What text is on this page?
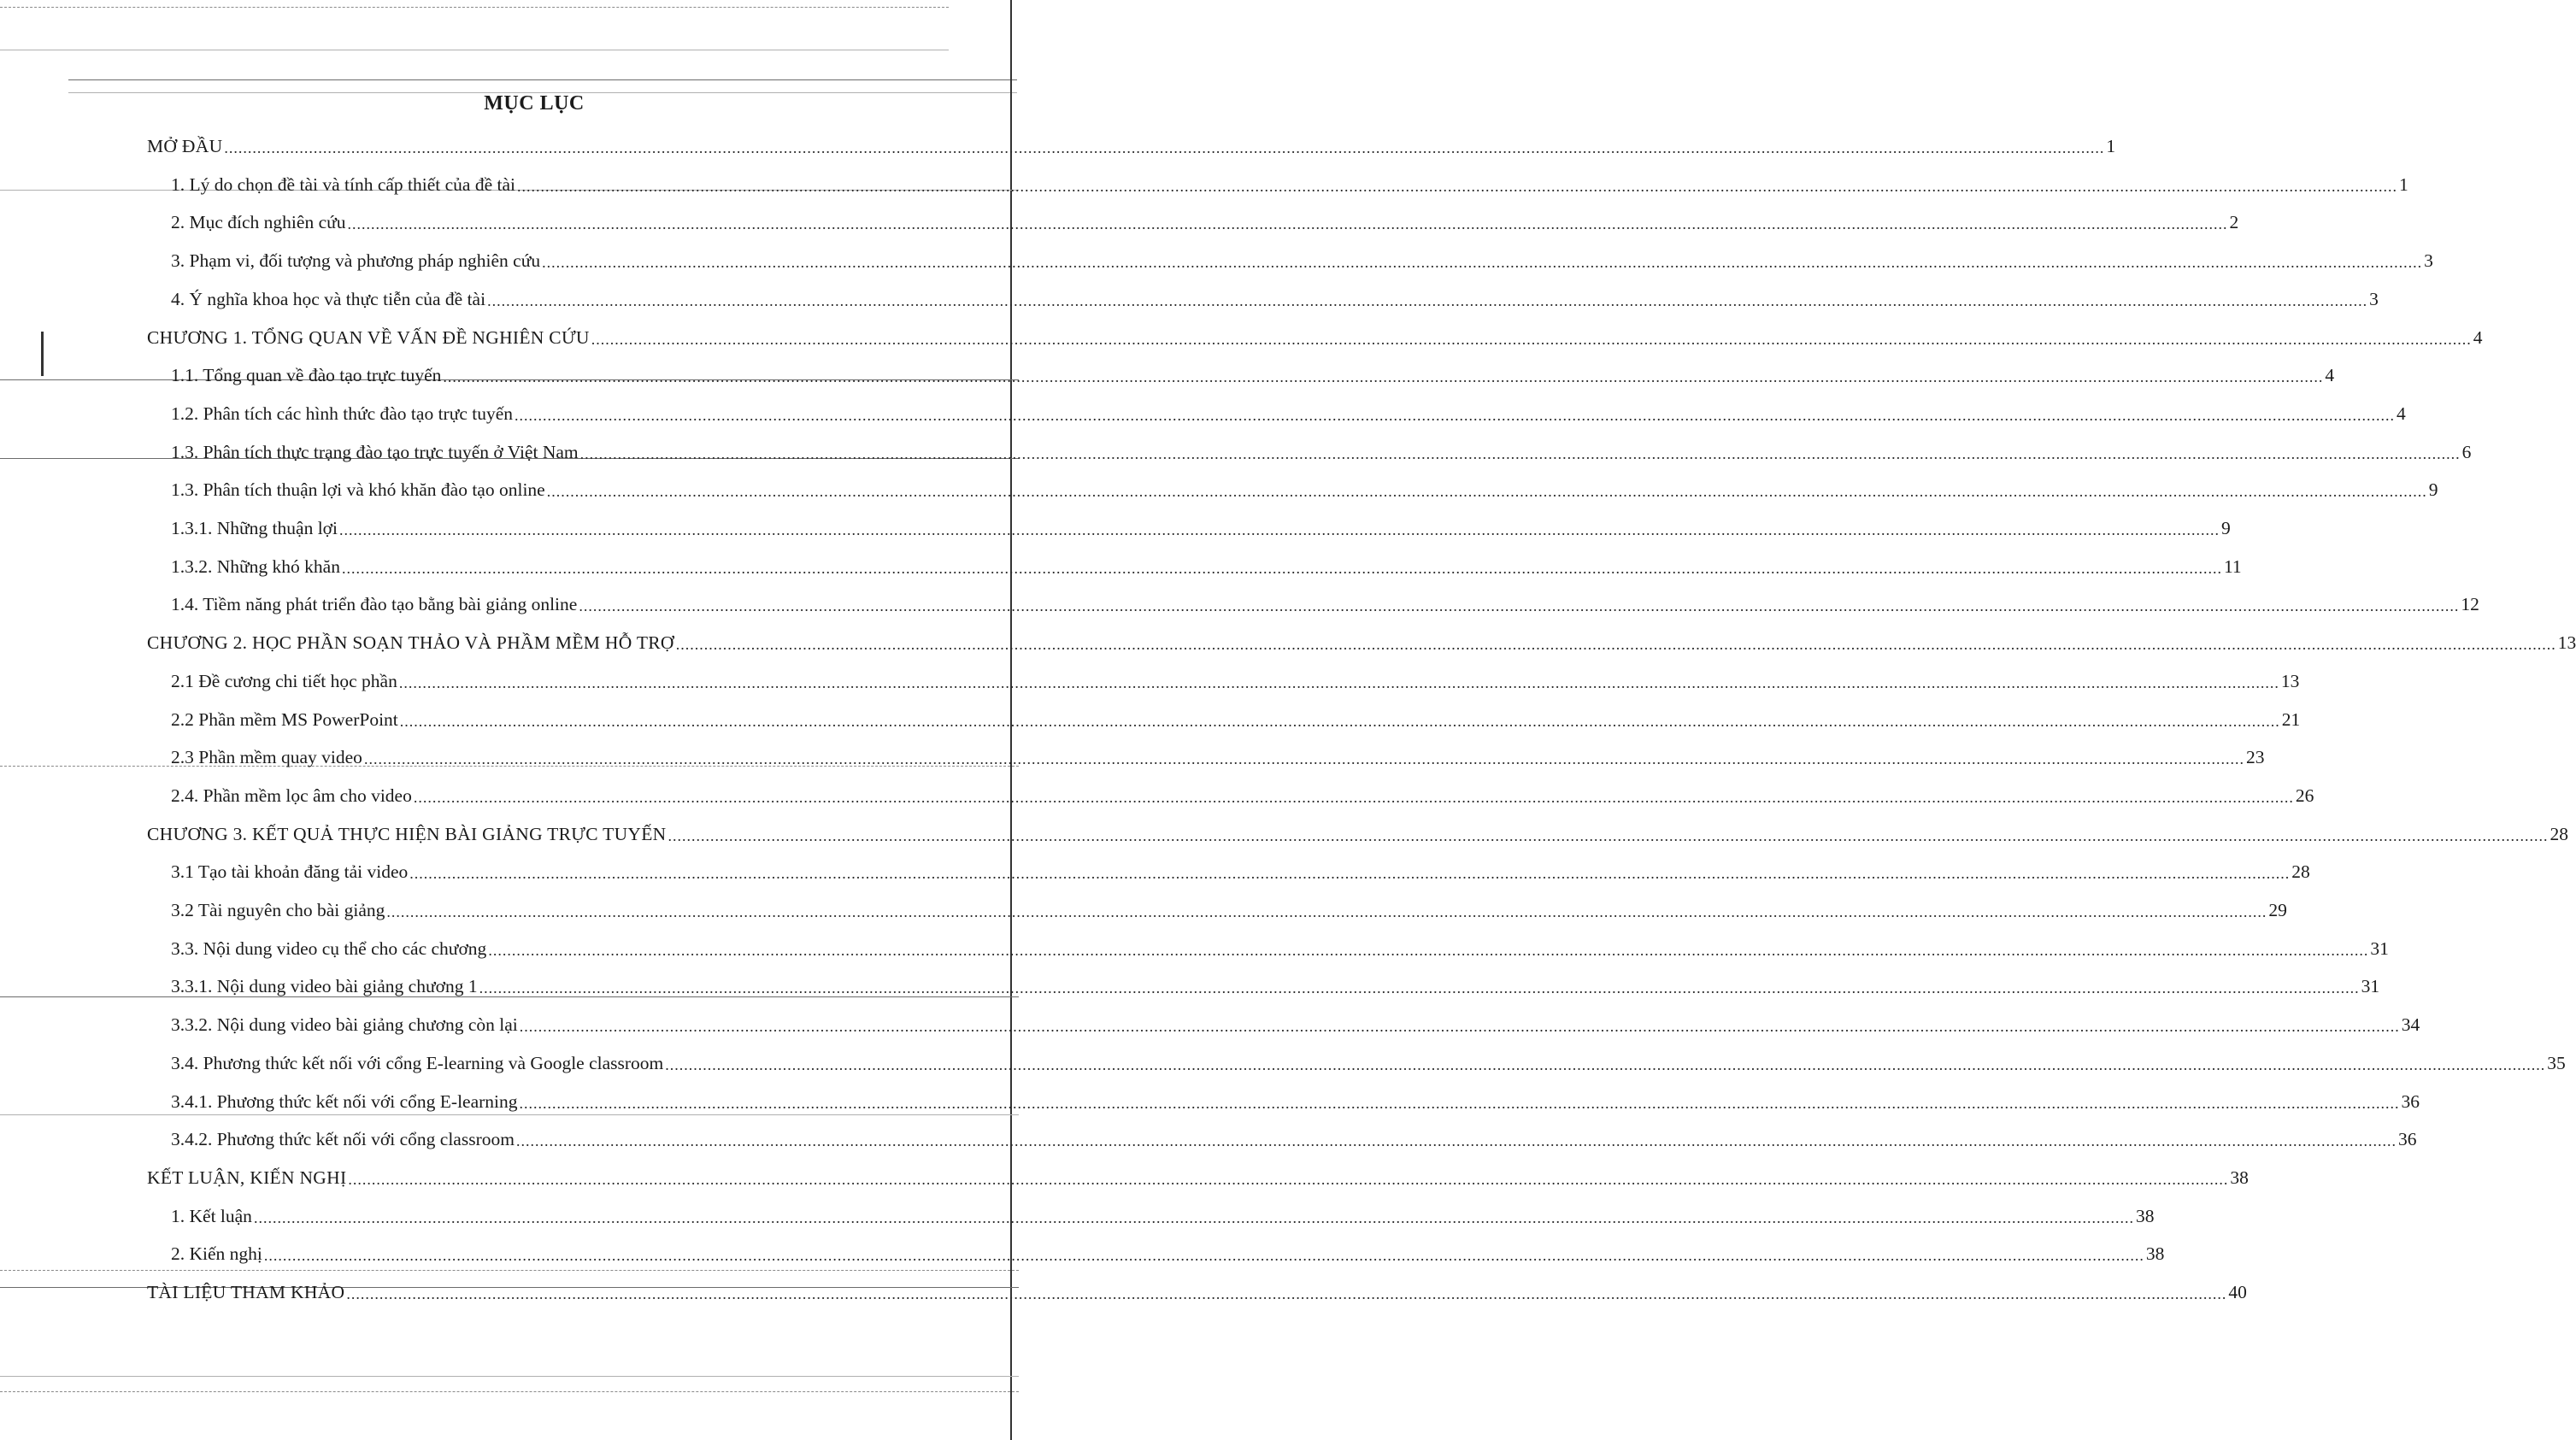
MỤC LỤC
MỞ ĐẦU ................................................................................................................................................................................................................................................................................................................................................................................................................ 1
1. Lý do chọn đề tài và tính cấp thiết của đề tài ................................................................................................................................................................................................................................................................................................................................................................................................................ 1
2. Mục đích nghiên cứu ................................................................................................................................................................................................................................................................................................................................................................................................................ 2
3. Phạm vi, đối tượng và phương pháp nghiên cứu ................................................................................................................................................................................................................................................................................................................................................................................................................ 3
4. Ý nghĩa khoa học và thực tiễn của đề tài ................................................................................................................................................................................................................................................................................................................................................................................................................ 3
CHƯƠNG 1. TỔNG QUAN VỀ VẤN ĐỀ NGHIÊN CỨU ................................................................................................................................................................................................................................................................................................................................................................................................................ 4
1.1. Tổng quan về đào tạo trực tuyến ................................................................................................................................................................................................................................................................................................................................................................................................................ 4
1.2. Phân tích các hình thức đào tạo trực tuyến ................................................................................................................................................................................................................................................................................................................................................................................................................ 4
1.3. Phân tích thực trạng đào tạo trực tuyến ở Việt Nam ................................................................................................................................................................................................................................................................................................................................................................................................................ 6
1.3. Phân tích thuận lợi và khó khăn đào tạo online ................................................................................................................................................................................................................................................................................................................................................................................................................ 9
1.3.1. Những thuận lợi ................................................................................................................................................................................................................................................................................................................................................................................................................ 9
1.3.2. Những khó khăn ................................................................................................................................................................................................................................................................................................................................................................................................................ 11
1.4. Tiềm năng phát triển đào tạo bằng bài giảng online ................................................................................................................................................................................................................................................................................................................................................................................................................ 12
CHƯƠNG 2. HỌC PHẦN SOẠN THẢO VÀ PHẦM MỀM HỖ TRỢ ................................................................................................................................................................................................................................................................................................................................................................................................................ 13
2.1 Đề cương chi tiết học phần ................................................................................................................................................................................................................................................................................................................................................................................................................ 13
2.2 Phần mềm MS PowerPoint ................................................................................................................................................................................................................................................................................................................................................................................................................ 21
2.3 Phần mềm quay video ................................................................................................................................................................................................................................................................................................................................................................................................................ 23
2.4. Phần mềm lọc âm cho video ................................................................................................................................................................................................................................................................................................................................................................................................................ 26
CHƯƠNG 3. KẾT QUẢ THỰC HIỆN BÀI GIẢNG TRỰC TUYẾN ................................................................................................................................................................................................................................................................................................................................................................................................................ 28
3.1 Tạo tài khoản đăng tải video ................................................................................................................................................................................................................................................................................................................................................................................................................ 28
3.2 Tài nguyên cho bài giảng ................................................................................................................................................................................................................................................................................................................................................................................................................ 29
3.3. Nội dung video cụ thể cho các chương ................................................................................................................................................................................................................................................................................................................................................................................................................ 31
3.3.1. Nội dung video bài giảng chương 1 ................................................................................................................................................................................................................................................................................................................................................................................................................ 31
3.3.2. Nội dung video bài giảng chương còn lại ................................................................................................................................................................................................................................................................................................................................................................................................................ 34
3.4. Phương thức kết nối với cổng E-learning và Google classroom ................................................................................................................................................................................................................................................................................................................................................................................................................ 35
3.4.1. Phương thức kết nối với cổng E-learning ................................................................................................................................................................................................................................................................................................................................................................................................................ 36
3.4.2. Phương thức kết nối với cổng classroom ................................................................................................................................................................................................................................................................................................................................................................................................................ 36
KẾT LUẬN, KIẾN NGHỊ ................................................................................................................................................................................................................................................................................................................................................................................................................ 38
1. Kết luận ................................................................................................................................................................................................................................................................................................................................................................................................................ 38
2. Kiến nghị ................................................................................................................................................................................................................................................................................................................................................................................................................ 38
TÀI LIỆU THAM KHẢO ................................................................................................................................................................................................................................................................................................................................................................................................................ 40
